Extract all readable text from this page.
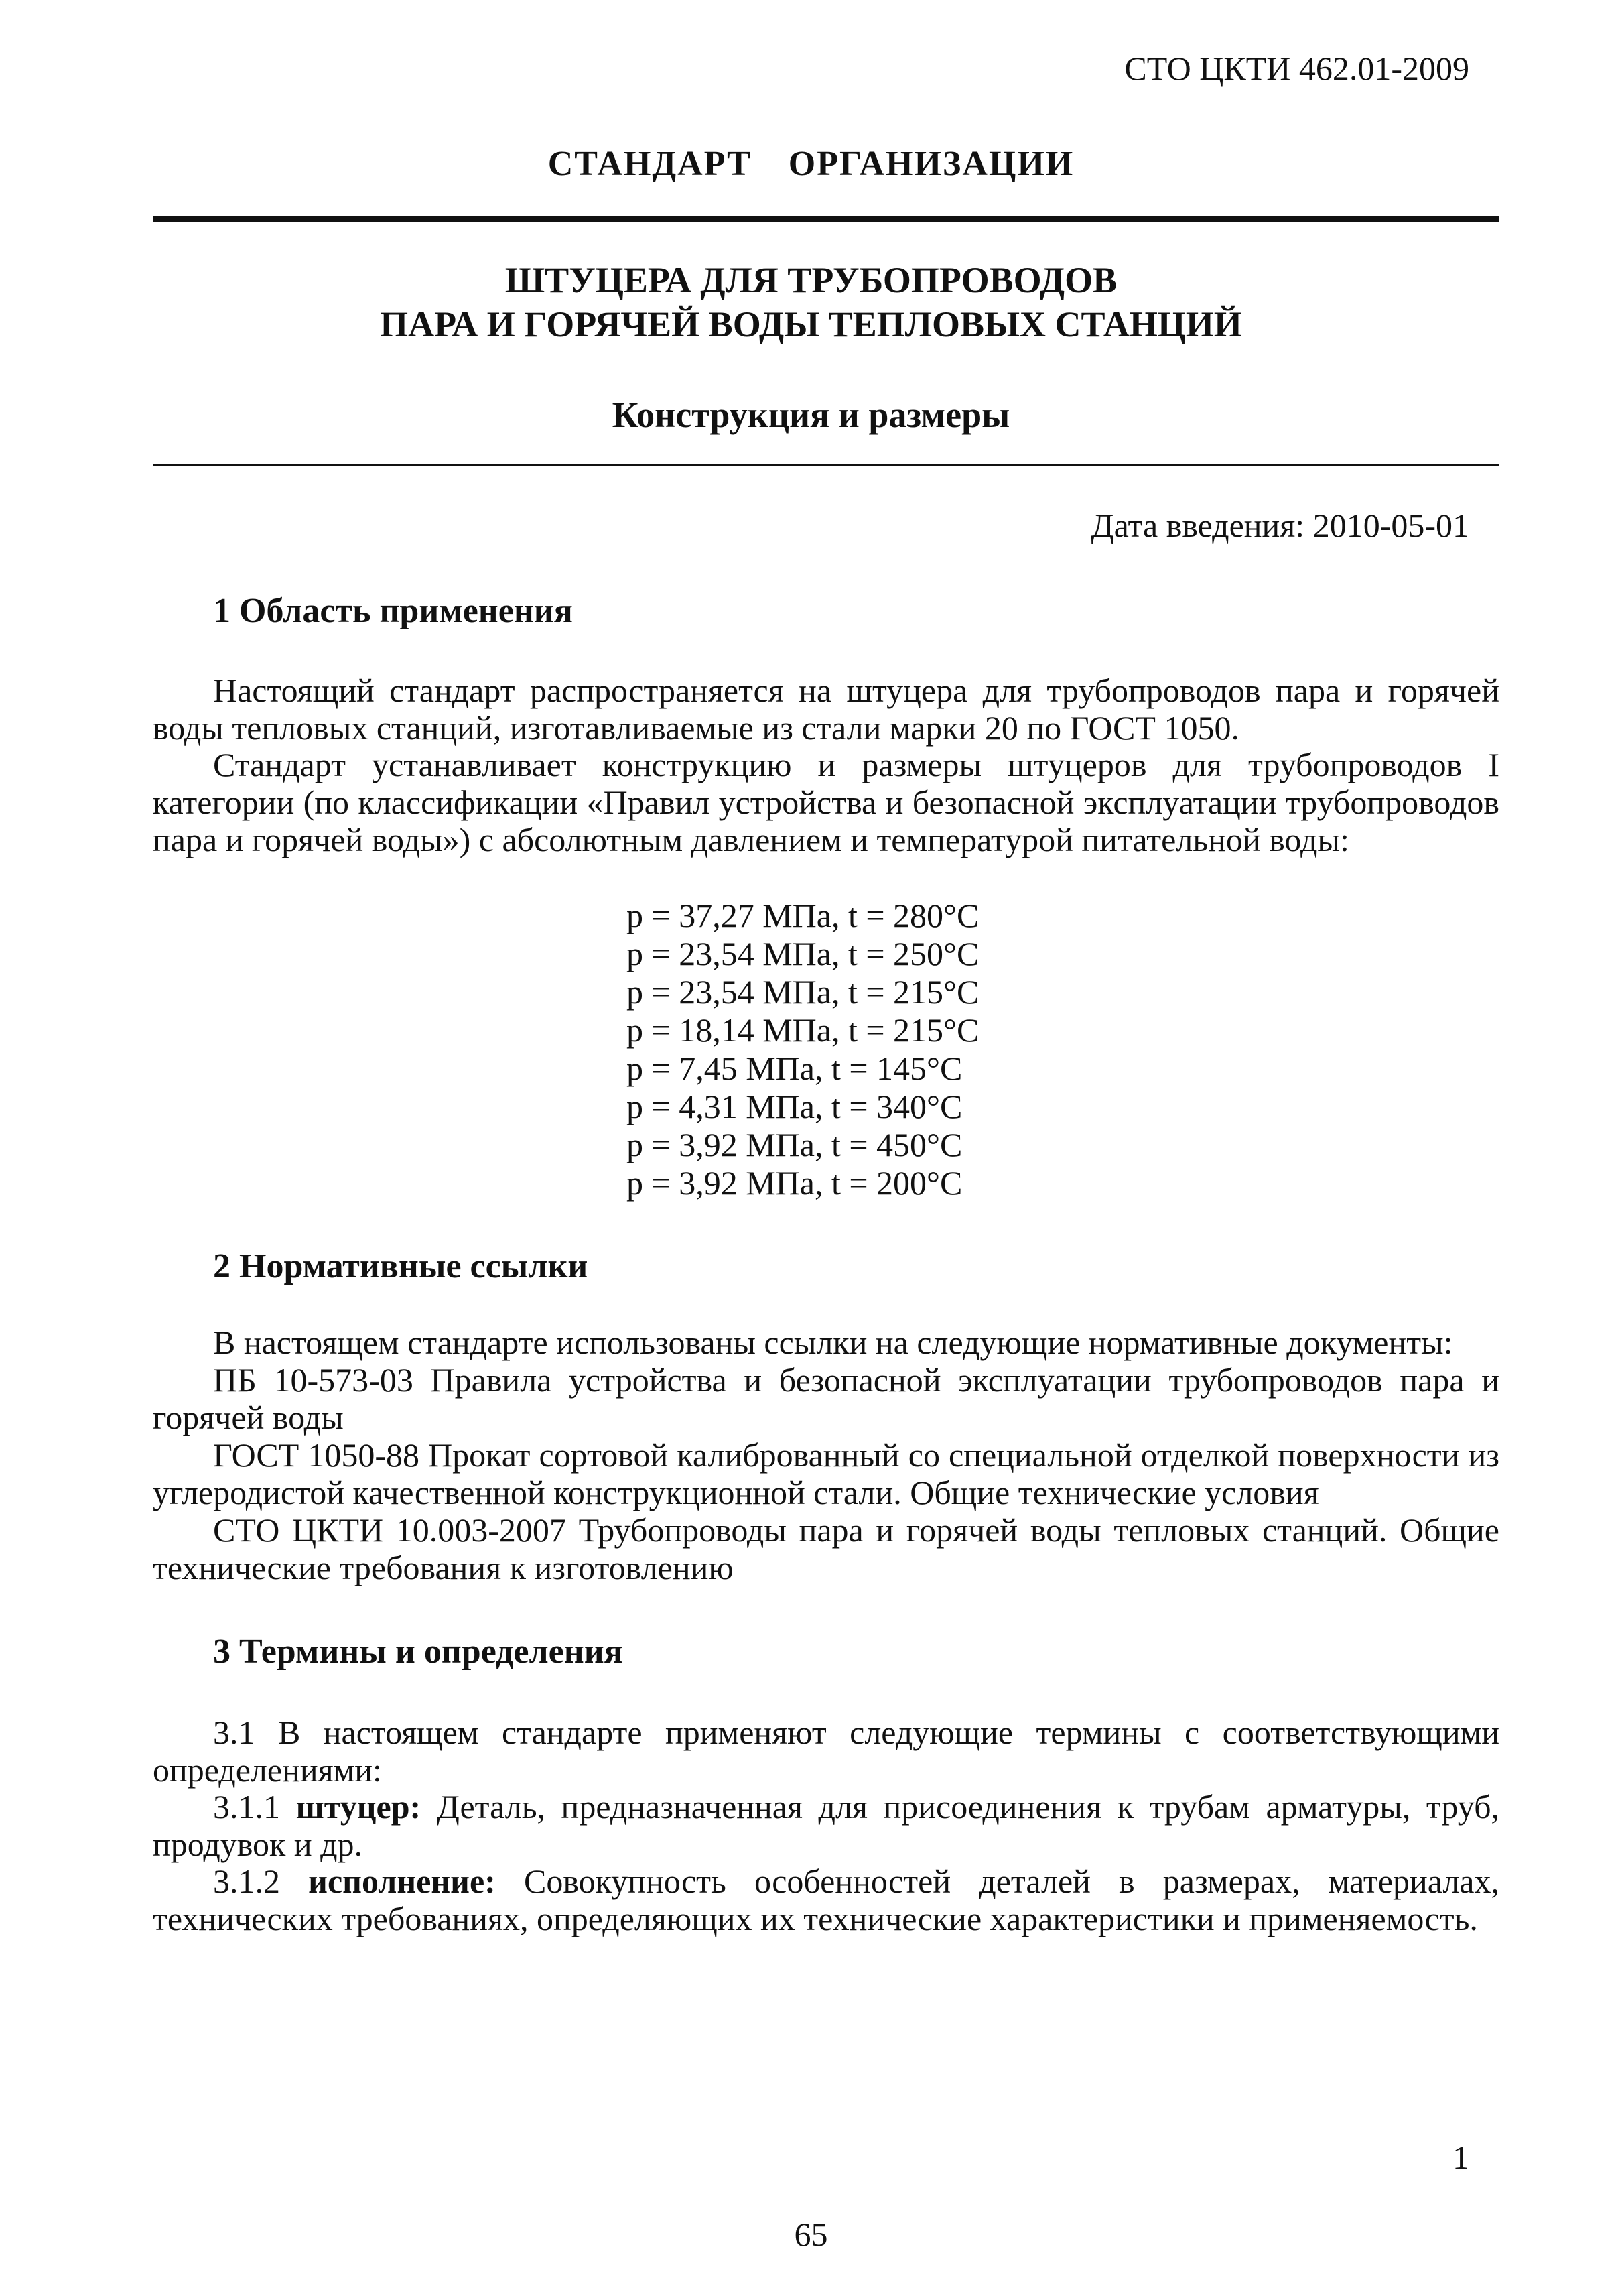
СТО ЦКТИ 462.01-2009
СТАНДАРТ ОРГАНИЗАЦИИ
ШТУЦЕРА ДЛЯ ТРУБОПРОВОДОВ
ПАРА И ГОРЯЧЕЙ ВОДЫ ТЕПЛОВЫХ СТАНЦИЙ
Конструкция и размеры
Дата введения: 2010-05-01
1 Область применения
Настоящий стандарт распространяется на штуцера для трубопроводов пара и горячей воды тепловых станций, изготавливаемые из стали марки 20 по ГОСТ 1050.
Стандарт устанавливает конструкцию и размеры штуцеров для трубопроводов I категории (по классификации «Правил устройства и безопасной эксплуатации трубопроводов пара и горячей воды») с абсолютным давлением и температурой питательной воды:
p = 37,27 МПа, t = 280°С
p = 23,54 МПа, t = 250°С
p = 23,54 МПа, t = 215°С
p = 18,14 МПа, t = 215°С
p = 7,45 МПа, t = 145°С
p = 4,31 МПа, t = 340°С
p = 3,92 МПа, t = 450°С
p = 3,92 МПа, t = 200°С
2 Нормативные ссылки
В настоящем стандарте использованы ссылки на следующие нормативные документы:
ПБ 10-573-03 Правила устройства и безопасной эксплуатации трубопроводов пара и горячей воды
ГОСТ 1050-88 Прокат сортовой калиброванный со специальной отделкой поверхности из углеродистой качественной конструкционной стали. Общие технические условия
СТО ЦКТИ 10.003-2007 Трубопроводы пара и горячей воды тепловых станций. Общие технические требования к изготовлению
3 Термины и определения
3.1 В настоящем стандарте применяют следующие термины с соответствующими определениями:
3.1.1 штуцер: Деталь, предназначенная для присоединения к трубам арматуры, труб, продувок и др.
3.1.2 исполнение: Совокупность особенностей деталей в размерах, материалах, технических требованиях, определяющих их технические характеристики и применяемость.
1
65
